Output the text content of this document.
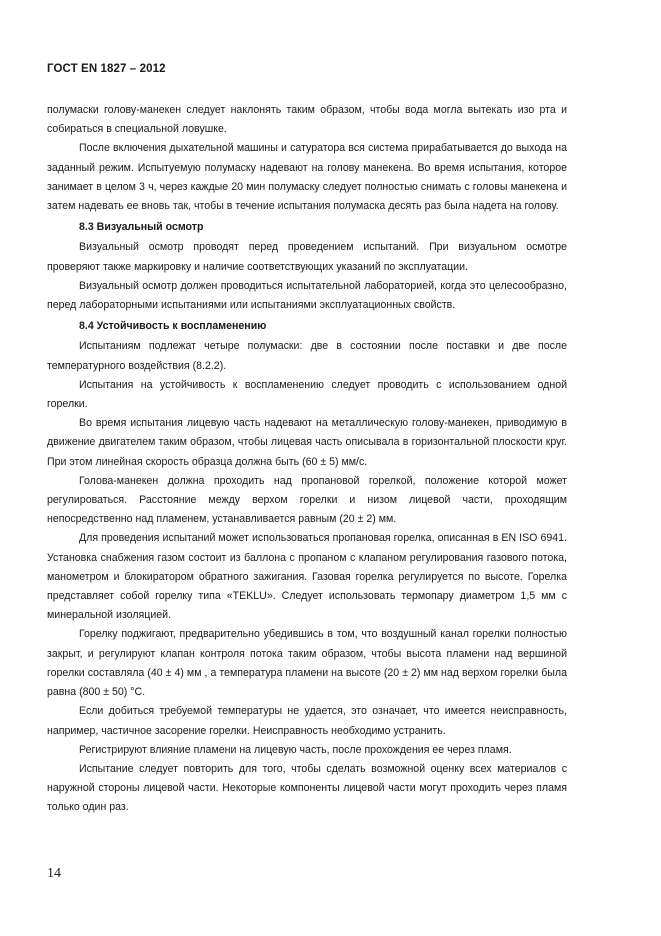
ГОСТ EN 1827 – 2012

полумаски голову-манекен следует наклонять таким образом, чтобы вода могла вытекать изо рта и собираться в специальной ловушке.

После включения дыхательной машины и сатуратора вся система прирабатывается до выхода на заданный режим. Испытуемую полумаску надевают на голову манекена. Во время испытания, которое занимает в целом 3 ч, через каждые 20 мин полумаску следует полностью снимать с головы манекена и затем надевать ее вновь так, чтобы в течение испытания полумаска десять раз была надета на голову.

8.3 Визуальный осмотр

Визуальный осмотр проводят перед проведением испытаний. При визуальном осмотре проверяют также маркировку и наличие соответствующих указаний по эксплуатации.

Визуальный осмотр должен проводиться испытательной лабораторией, когда это целесообразно, перед лабораторными испытаниями или испытаниями эксплуатационных свойств.

8.4 Устойчивость к воспламенению

Испытаниям подлежат четыре полумаски: две в состоянии после поставки и две после температурного воздействия (8.2.2).

Испытания на устойчивость к воспламенению следует проводить с использованием одной горелки.

Во время испытания лицевую часть надевают на металлическую голову-манекен, приводимую в движение двигателем таким образом, чтобы лицевая часть описывала в горизонтальной плоскости круг. При этом линейная скорость образца должна быть (60 ± 5) мм/с.

Голова-манекен должна проходить над пропановой горелкой, положение которой может регулироваться. Расстояние между верхом горелки и низом лицевой части, проходящим непосредственно над пламенем, устанавливается равным (20 ± 2) мм.

Для проведения испытаний может использоваться пропановая горелка, описанная в EN ISO 6941. Установка снабжения газом состоит из баллона с пропаном с клапаном регулирования газового потока, манометром и блокиратором обратного зажигания. Газовая горелка регулируется по высоте. Горелка представляет собой горелку типа «TEKLU». Следует использовать термопару диаметром 1,5 мм с минеральной изоляцией.

Горелку поджигают, предварительно убедившись в том, что воздушный канал горелки полностью закрыт, и регулируют клапан контроля потока таким образом, чтобы высота пламени над вершиной горелки составляла (40 ± 4) мм , а температура пламени на высоте (20 ± 2) мм над верхом горелки была равна (800 ± 50) °С.

Если добиться требуемой температуры не удается, это означает, что имеется неисправность, например, частичное засорение горелки. Неисправность необходимо устранить.

Регистрируют влияние пламени на лицевую часть, после прохождения ее через пламя.

Испытание следует повторить для того, чтобы сделать возможной оценку всех материалов с наружной стороны лицевой части. Некоторые компоненты лицевой части могут проходить через пламя только один раз.

14
